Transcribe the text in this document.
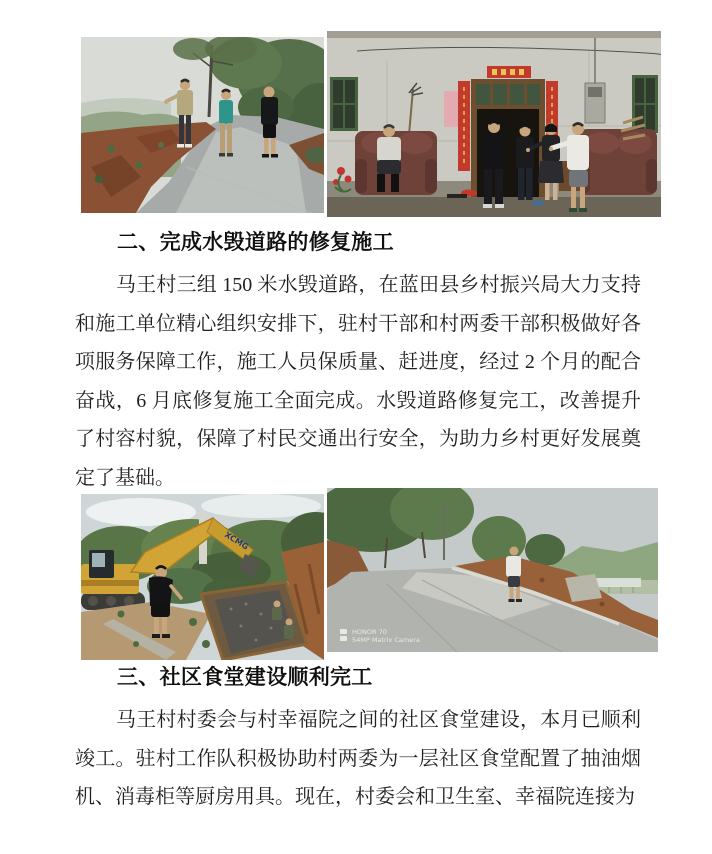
二、完成水毁道路的修复施工

马王村三组 150 米水毁道路，在蓝田县乡村振兴局大力支持和施工单位精心组织安排下，驻村干部和村两委干部积极做好各项服务保障工作，施工人员保质量、赶进度，经过 2 个月的配合奋战，6 月底修复施工全面完成。水毁道路修复完工，改善提升了村容村貌，保障了村民交通出行安全，为助力乡村更好发展奠定了基础。

XCMG
HONOR 70
54MP Matrix Camera
三、社区食堂建设顺利完工

马王村村委会与村幸福院之间的社区食堂建设，本月已顺利竣工。驻村工作队积极协助村两委为一层社区食堂配置了抽油烟机、消毒柜等厨房用具。现在，村委会和卫生室、幸福院连接为
